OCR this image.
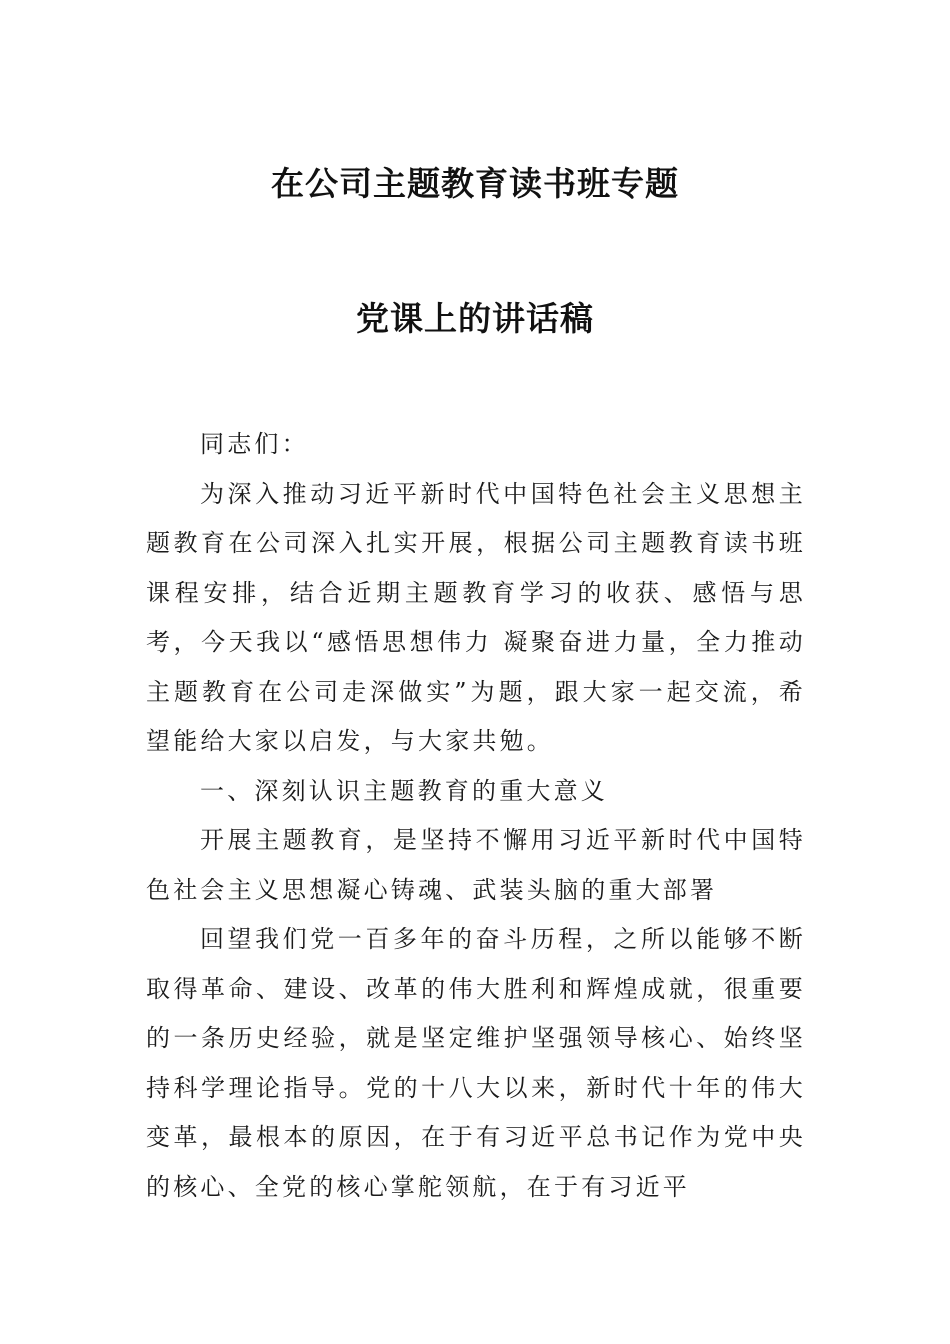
在公司主题教育读书班专题
党课上的讲话稿

同志们：

为深入推动习近平新时代中国特色社会主义思想主题教育在公司深入扎实开展，根据公司主题教育读书班课程安排，结合近期主题教育学习的收获、感悟与思考，今天我以“感悟思想伟力 凝聚奋进力量，全力推动主题教育在公司走深做实”为题，跟大家一起交流，希望能给大家以启发，与大家共勉。

一、深刻认识主题教育的重大意义

开展主题教育，是坚持不懈用习近平新时代中国特色社会主义思想凝心铸魂、武装头脑的重大部署

回望我们党一百多年的奋斗历程，之所以能够不断取得革命、建设、改革的伟大胜利和辉煌成就，很重要的一条历史经验，就是坚定维护坚强领导核心、始终坚持科学理论指导。党的十八大以来，新时代十年的伟大变革，最根本的原因，在于有习近平总书记作为党中央的核心、全党的核心掌舵领航，在于有习近平
